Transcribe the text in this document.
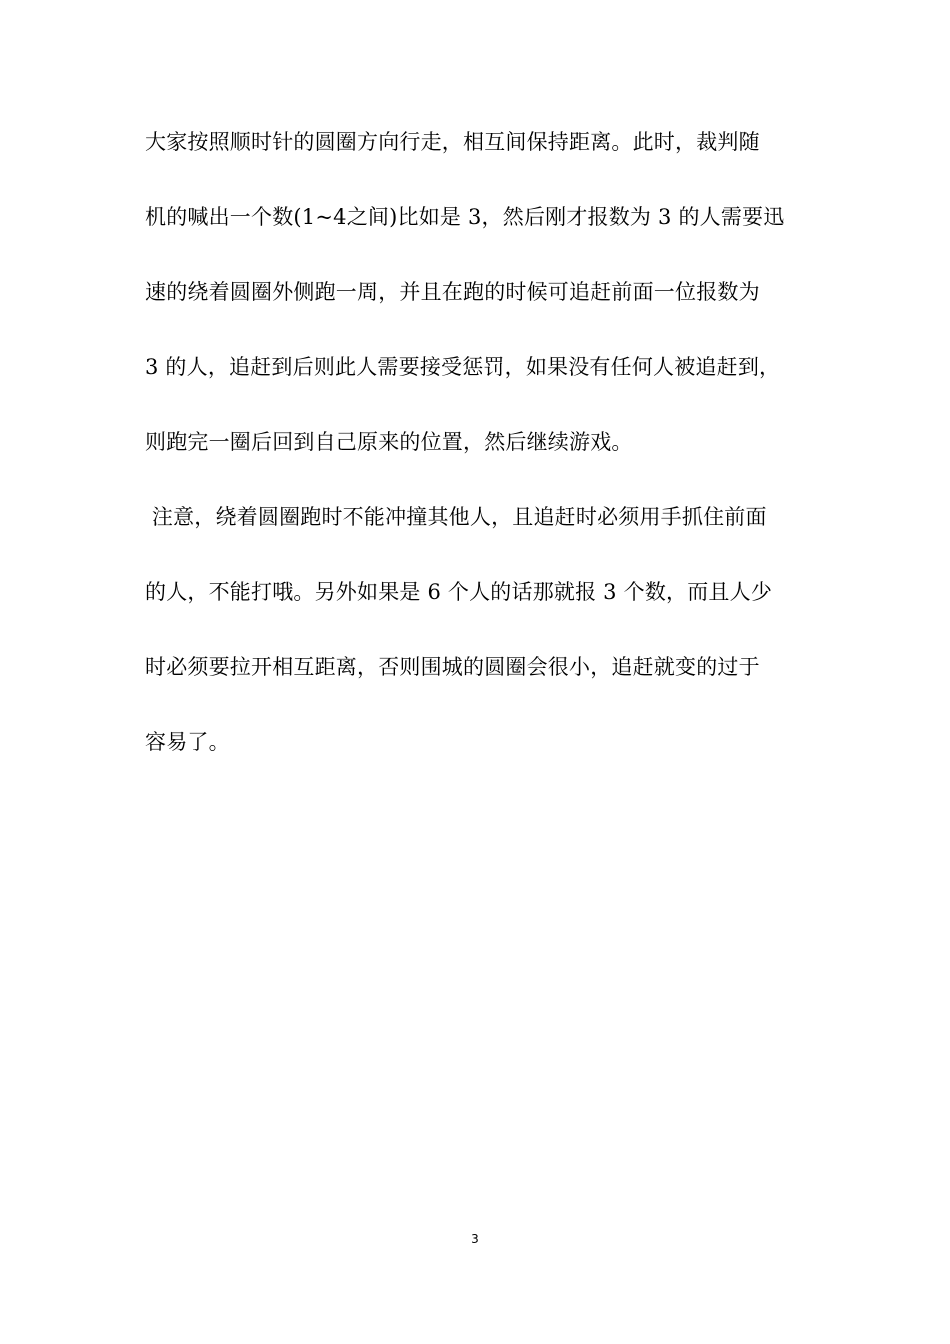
大家按照顺时针的圆圈方向行走，相互间保持距离。此时，裁判随
机的喊出一个数(1~4之间)比如是 3，然后刚才报数为 3 的人需要迅
速的绕着圆圈外侧跑一周，并且在跑的时候可追赶前面一位报数为
3 的人，追赶到后则此人需要接受惩罚，如果没有任何人被追赶到，
则跑完一圈后回到自己原来的位置，然后继续游戏。
注意，绕着圆圈跑时不能冲撞其他人，且追赶时必须用手抓住前面
的人，不能打哦。另外如果是 6 个人的话那就报 3 个数，而且人少
时必须要拉开相互距离，否则围城的圆圈会很小，追赶就变的过于
容易了。
3
